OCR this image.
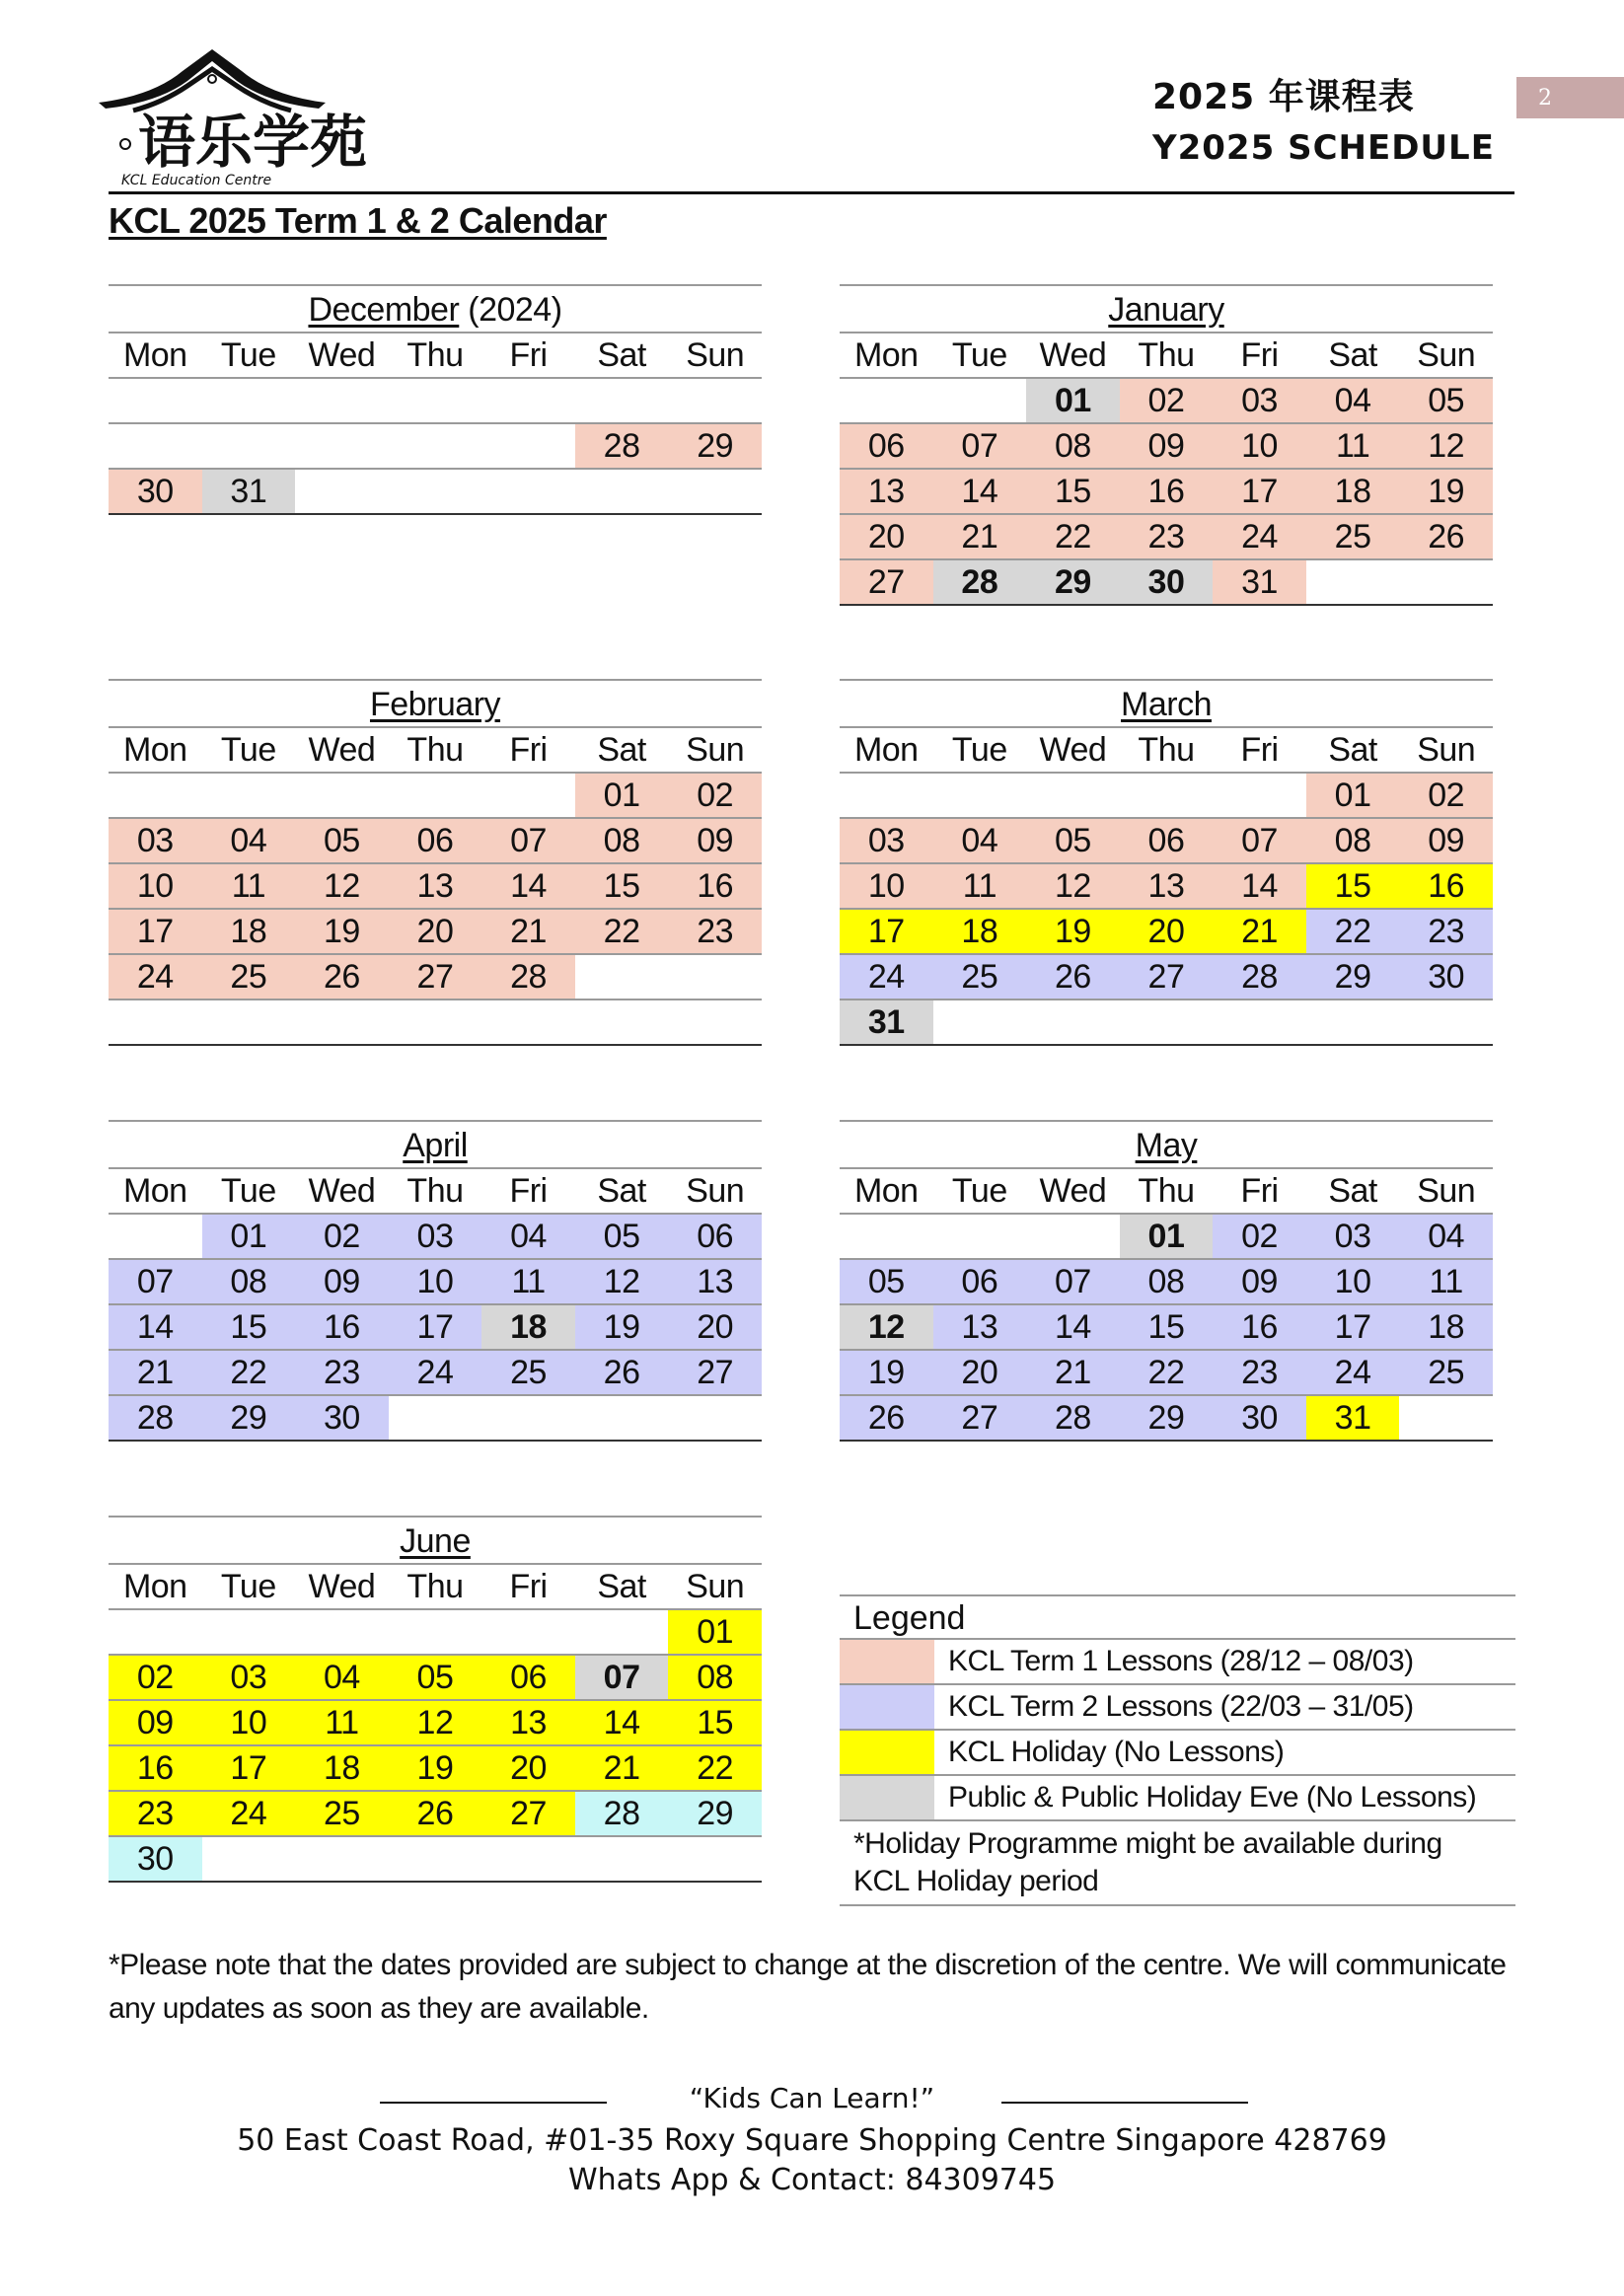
语乐学苑
KCL Education Centre
2025 年课程表
Y2025 SCHEDULE
2
KCL 2025 Term 1 & 2 Calendar
December (2024)
Mon	Tue	Wed	Thu	Fri	Sat	Sun

					28	29
30	31					
January
Mon	Tue	Wed	Thu	Fri	Sat	Sun
		01	02	03	04	05
06	07	08	09	10	11	12
13	14	15	16	17	18	19
20	21	22	23	24	25	26
27	28	29	30	31		
February
Mon	Tue	Wed	Thu	Fri	Sat	Sun
					01	02
03	04	05	06	07	08	09
10	11	12	13	14	15	16
17	18	19	20	21	22	23
24	25	26	27	28		

March
Mon	Tue	Wed	Thu	Fri	Sat	Sun
					01	02
03	04	05	06	07	08	09
10	11	12	13	14	15	16
17	18	19	20	21	22	23
24	25	26	27	28	29	30
31						
April
Mon	Tue	Wed	Thu	Fri	Sat	Sun
	01	02	03	04	05	06
07	08	09	10	11	12	13
14	15	16	17	18	19	20
21	22	23	24	25	26	27
28	29	30				
May
Mon	Tue	Wed	Thu	Fri	Sat	Sun
			01	02	03	04
05	06	07	08	09	10	11
12	13	14	15	16	17	18
19	20	21	22	23	24	25
26	27	28	29	30	31	
June
Mon	Tue	Wed	Thu	Fri	Sat	Sun
						01
02	03	04	05	06	07	08
09	10	11	12	13	14	15
16	17	18	19	20	21	22
23	24	25	26	27	28	29
30						
Legend
KCL Term 1 Lessons (28/12 – 08/03)
KCL Term 2 Lessons (22/03 – 31/05)
KCL Holiday (No Lessons)
Public & Public Holiday Eve (No Lessons)
*Holiday Programme might be available during KCL Holiday period
*Please note that the dates provided are subject to change at the discretion of the centre. We will communicate any updates as soon as they are available.
“Kids Can Learn!”
50 East Coast Road, #01-35 Roxy Square Shopping Centre Singapore 428769
Whats App & Contact: 84309745
